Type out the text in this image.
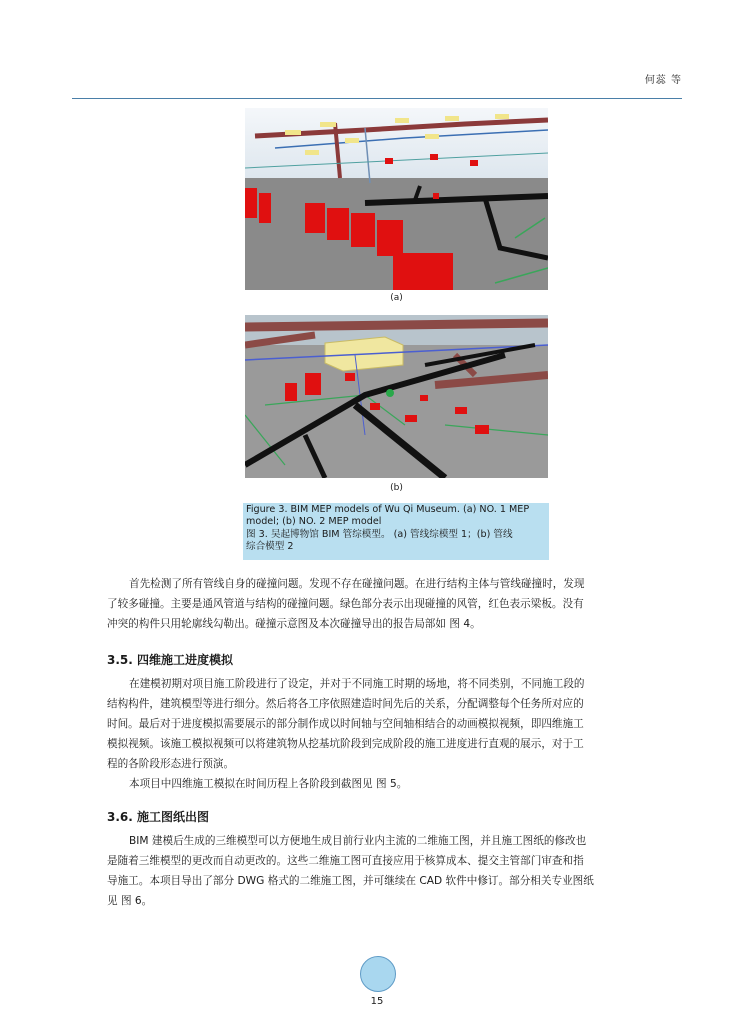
何蕊 等
(a)
(b)
Figure 3. BIM MEP models of Wu Qi Museum. (a) NO. 1 MEP
model; (b) NO. 2 MEP model
图 3. 吴起博物馆 BIM 管综模型。 (a) 管线综模型 1；(b) 管线
综合模型 2
首先检测了所有管线自身的碰撞问题。发现不存在碰撞问题。在进行结构主体与管线碰撞时，发现
了较多碰撞。主要是通风管道与结构的碰撞问题。绿色部分表示出现碰撞的风管，红色表示梁板。没有
冲突的构件只用轮廓线勾勒出。碰撞示意图及本次碰撞导出的报告局部如 图 4。
3.5. 四维施工进度模拟
在建模初期对项目施工阶段进行了设定，并对于不同施工时期的场地，将不同类别，不同施工段的
结构构件，建筑模型等进行细分。然后将各工序依照建造时间先后的关系，分配调整每个任务所对应的
时间。最后对于进度模拟需要展示的部分制作成以时间轴与空间轴相结合的动画模拟视频，即四维施工
模拟视频。该施工模拟视频可以将建筑物从挖基坑阶段到完成阶段的施工进度进行直观的展示，对于工
程的各阶段形态进行预演。
本项目中四维施工模拟在时间历程上各阶段到截图见 图 5。
3.6. 施工图纸出图
BIM 建模后生成的三维模型可以方便地生成目前行业内主流的二维施工图，并且施工图纸的修改也
是随着三维模型的更改而自动更改的。这些二维施工图可直接应用于核算成本、提交主管部门审查和指
导施工。本项目导出了部分 DWG 格式的二维施工图，并可继续在 CAD 软件中修订。部分相关专业图纸
见 图 6。
15
